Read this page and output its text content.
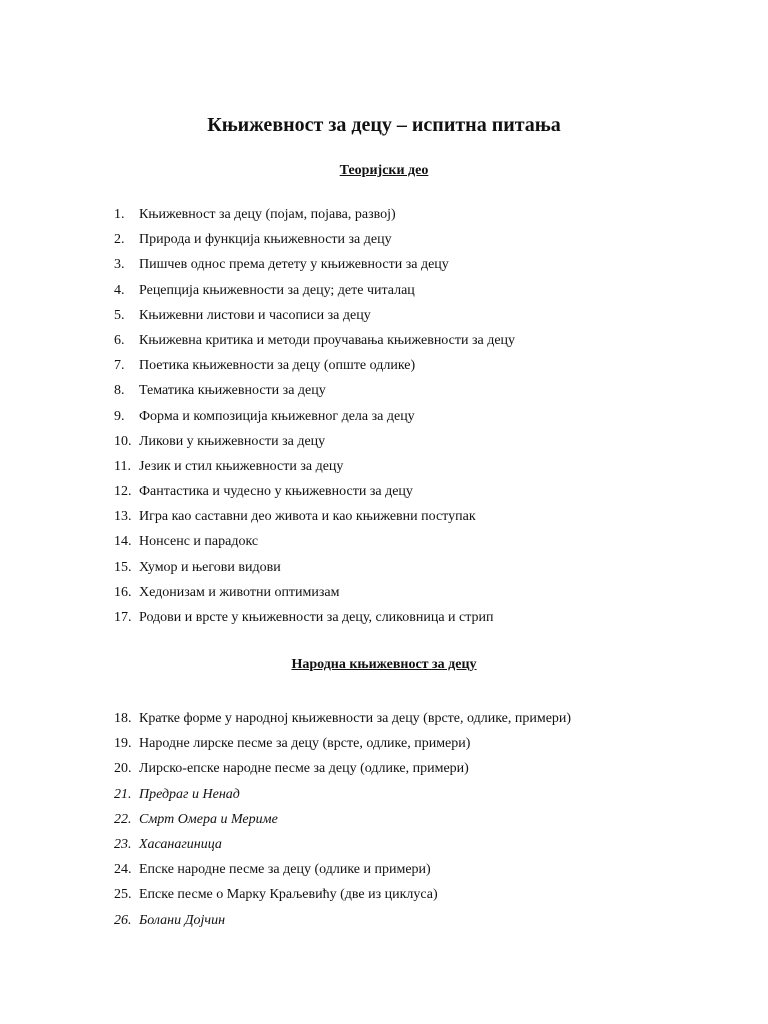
Књижевност за децу – испитна питања
Теоријски део
1.	Књижевност за децу (појам, појава, развој)
2.	Природа и функција књижевности за децу
3.	Пишчев однос према детету у књижевности за децу
4.	Рецепција књижевности за децу; дете читалац
5.	Књижевни листови и часописи за децу
6.	Књижевна критика и методи проучавања књижевности за децу
7.	Поетика књижевности за децу (опште одлике)
8.	Тематика књижевности за децу
9.	Форма и композиција књижевног дела за децу
10. Ликови у књижевности за децу
11. Језик и стил књижевности за децу
12. Фантастика и чудесно у књижевности за децу
13. Игра као саставни део живота и као књижевни поступак
14. Нонсенс и парадокс
15. Хумор и његови видови
16. Хедонизам и животни оптимизам
17. Родови и врсте у књижевности за децу, сликовница и стрип
Народна књижевност за децу
18. Кратке форме у народној књижевности за децу (врсте, одлике, примери)
19. Народне лирске песме за децу (врсте, одлике, примери)
20. Лирско-епске народне песме за децу (одлике, примери)
21. Предраг и Ненад
22. Смрт Омера и Мериме
23. Хасанагиница
24. Епске народне песме за децу (одлике и примери)
25. Епске песме о Марку Краљевићу (две из циклуса)
26. Болани Дојчин
